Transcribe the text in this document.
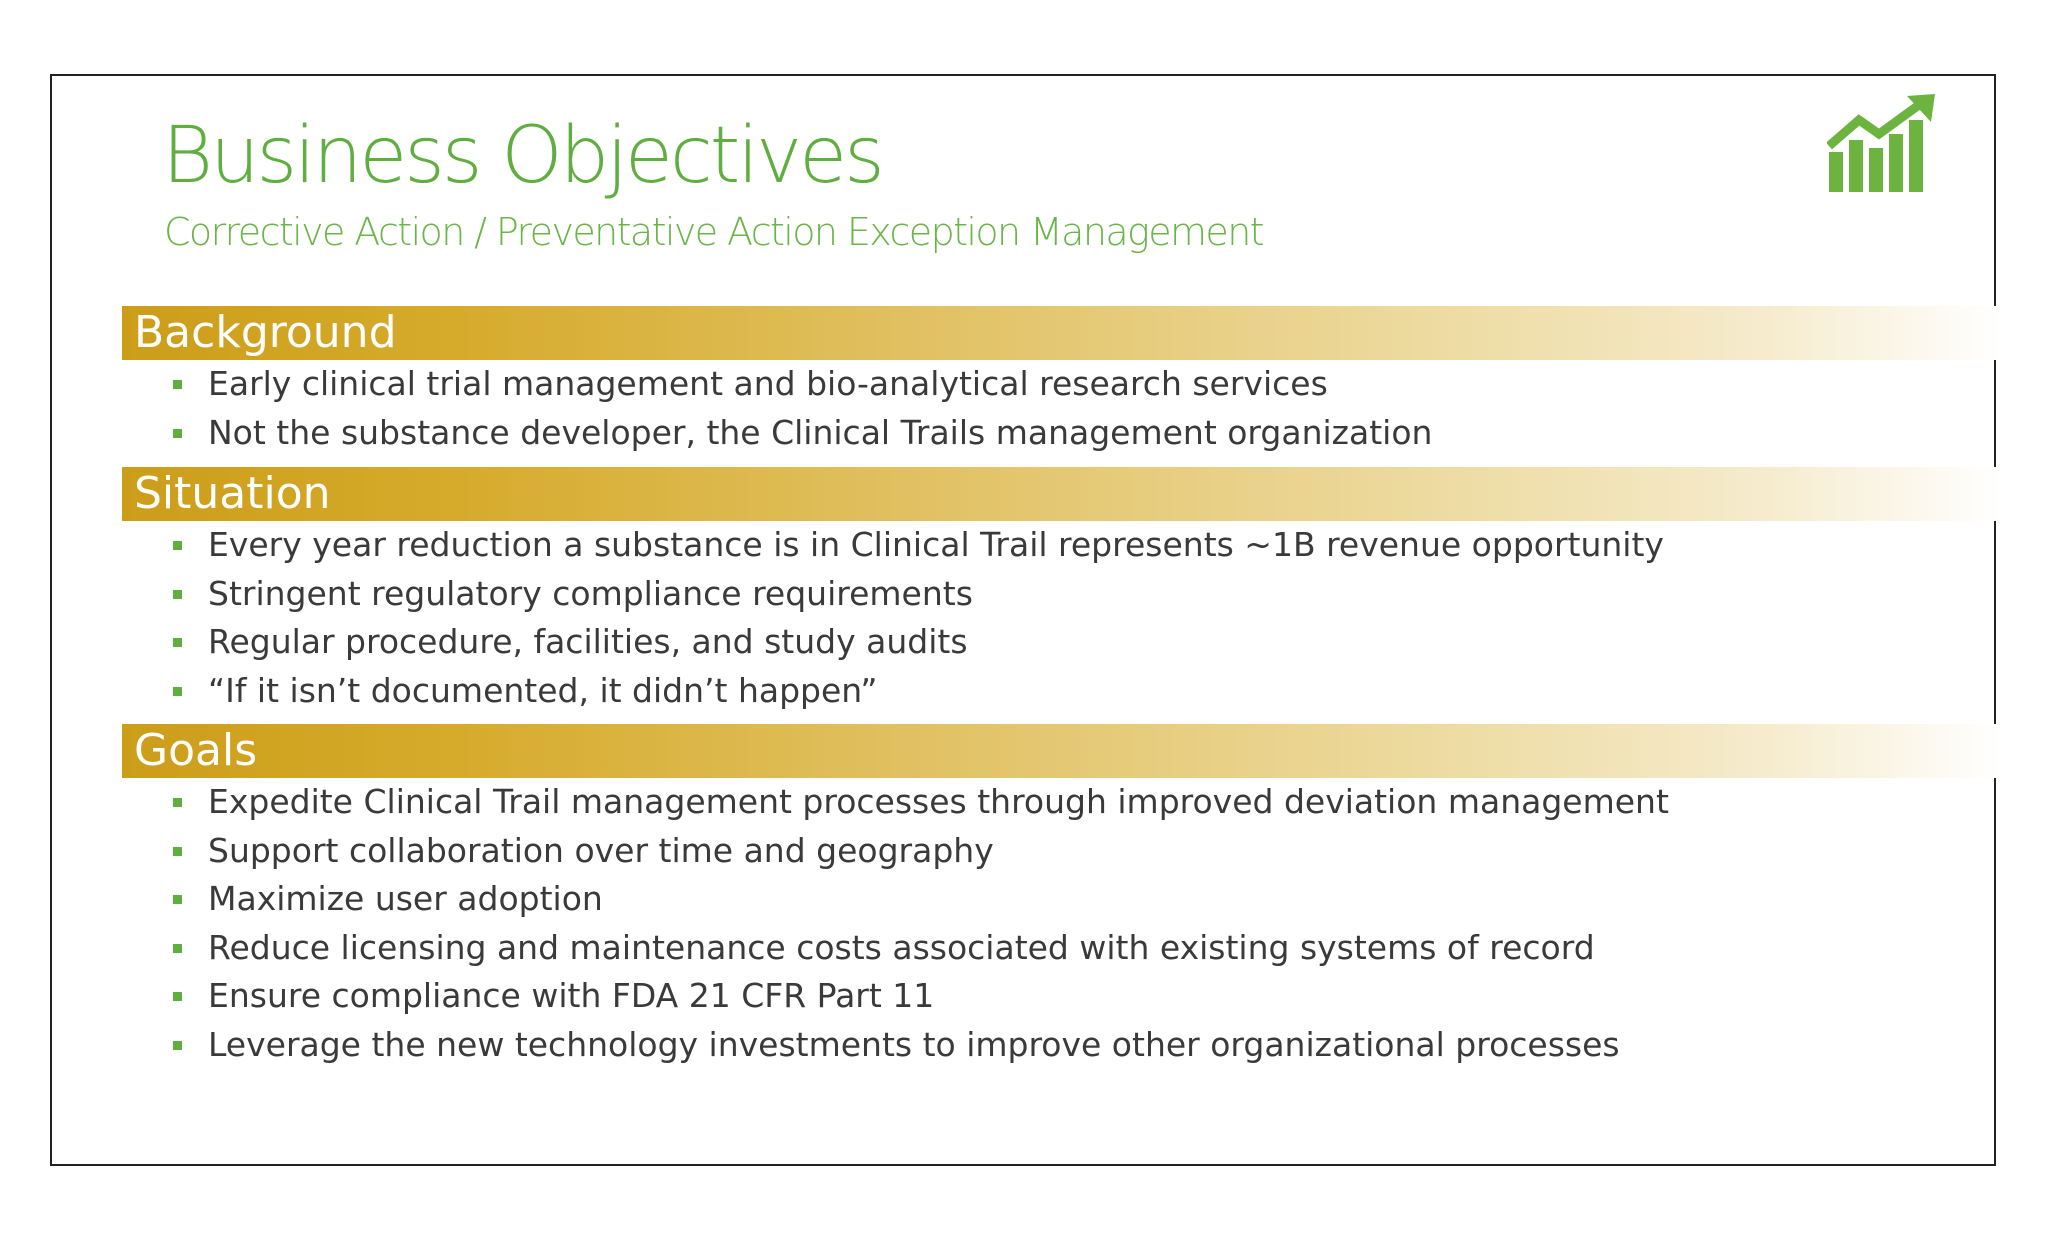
Business Objectives
Corrective Action / Preventative Action Exception Management
Background
Early clinical trial management and bio-analytical research services
Not the substance developer, the Clinical Trails management organization
Situation
Every year reduction a substance is in Clinical Trail represents ~1B revenue opportunity
Stringent regulatory compliance requirements
Regular procedure, facilities, and study audits
“If it isn’t documented, it didn’t happen”
Goals
Expedite Clinical Trail management processes through improved deviation management
Support collaboration over time and geography
Maximize user adoption
Reduce licensing and maintenance costs associated with existing systems of record
Ensure compliance with FDA 21 CFR Part 11
Leverage the new technology investments to improve other organizational processes
